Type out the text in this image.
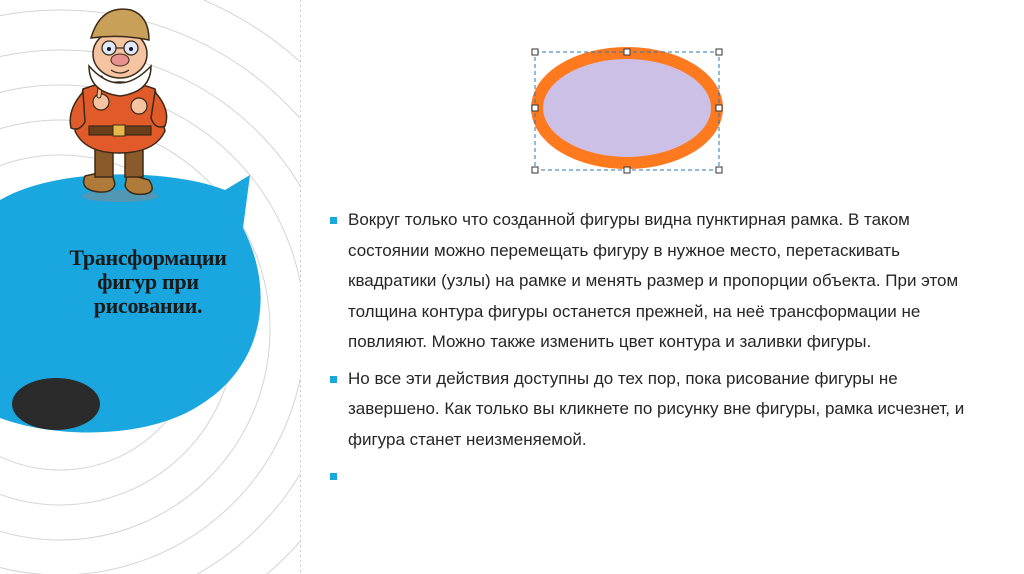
Трансформации фигур при рисовании.
Вокруг только что созданной фигуры видна пунктирная рамка. В таком состоянии можно перемещать фигуру в нужное место, перетаскивать квадратики (узлы) на рамке и менять размер и пропорции объекта. При этом толщина контура фигуры останется прежней, на неё трансформации не повлияют. Можно также изменить цвет контура и заливки фигуры.
Но все эти действия доступны до тех пор, пока рисование фигуры не завершено. Как только вы кликнете по рисунку вне фигуры, рамка исчезнет, и фигура станет неизменяемой.
